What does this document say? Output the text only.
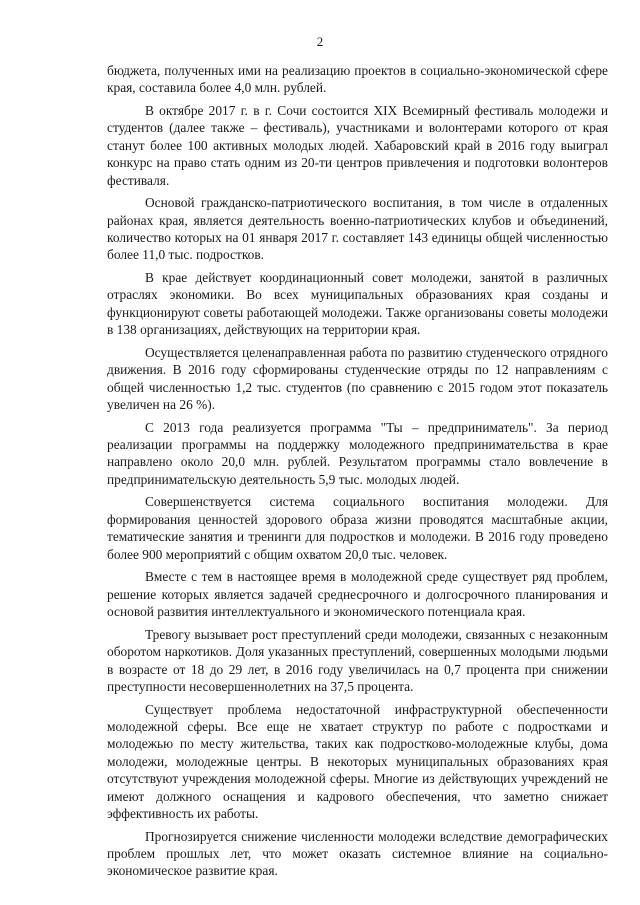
2

бюджета, полученных ими на реализацию проектов в социально-экономической сфере края, составила более 4,0 млн. рублей.

В октябре 2017 г. в г. Сочи состоится XIX Всемирный фестиваль молодежи и студентов (далее также – фестиваль), участниками и волонтерами которого от края станут более 100 активных молодых людей. Хабаровский край в 2016 году выиграл конкурс на право стать одним из 20-ти центров привлечения и подготовки волонтеров фестиваля.

Основой гражданско-патриотического воспитания, в том числе в отдаленных районах края, является деятельность военно-патриотических клубов и объединений, количество которых на 01 января 2017 г. составляет 143 единицы общей численностью более 11,0 тыс. подростков.

В крае действует координационный совет молодежи, занятой в различных отраслях экономики. Во всех муниципальных образованиях края созданы и функционируют советы работающей молодежи. Также организованы советы молодежи в 138 организациях, действующих на территории края.

Осуществляется целенаправленная работа по развитию студенческого отрядного движения. В 2016 году сформированы студенческие отряды по 12 направлениям с общей численностью 1,2 тыс. студентов (по сравнению с 2015 годом этот показатель увеличен на 26 %).

С 2013 года реализуется программа "Ты – предприниматель". За период реализации программы на поддержку молодежного предпринимательства в крае направлено около 20,0 млн. рублей. Результатом программы стало вовлечение в предпринимательскую деятельность 5,9 тыс. молодых людей.

Совершенствуется система социального воспитания молодежи. Для формирования ценностей здорового образа жизни проводятся масштабные акции, тематические занятия и тренинги для подростков и молодежи. В 2016 году проведено более 900 мероприятий с общим охватом 20,0 тыс. человек.

Вместе с тем в настоящее время в молодежной среде существует ряд проблем, решение которых является задачей среднесрочного и долгосрочного планирования и основой развития интеллектуального и экономического потенциала края.

Тревогу вызывает рост преступлений среди молодежи, связанных с незаконным оборотом наркотиков. Доля указанных преступлений, совершенных молодыми людьми в возрасте от 18 до 29 лет, в 2016 году увеличилась на 0,7 процента при снижении преступности несовершеннолетних на 37,5 процента.

Существует проблема недостаточной инфраструктурной обеспеченности молодежной сферы. Все еще не хватает структур по работе с подростками и молодежью по месту жительства, таких как подростково-молодежные клубы, дома молодежи, молодежные центры. В некоторых муниципальных образованиях края отсутствуют учреждения молодежной сферы. Многие из действующих учреждений не имеют должного оснащения и кадрового обеспечения, что заметно снижает эффективность их работы.

Прогнозируется снижение численности молодежи вследствие демографических проблем прошлых лет, что может оказать системное влияние на социально-экономическое развитие края.
